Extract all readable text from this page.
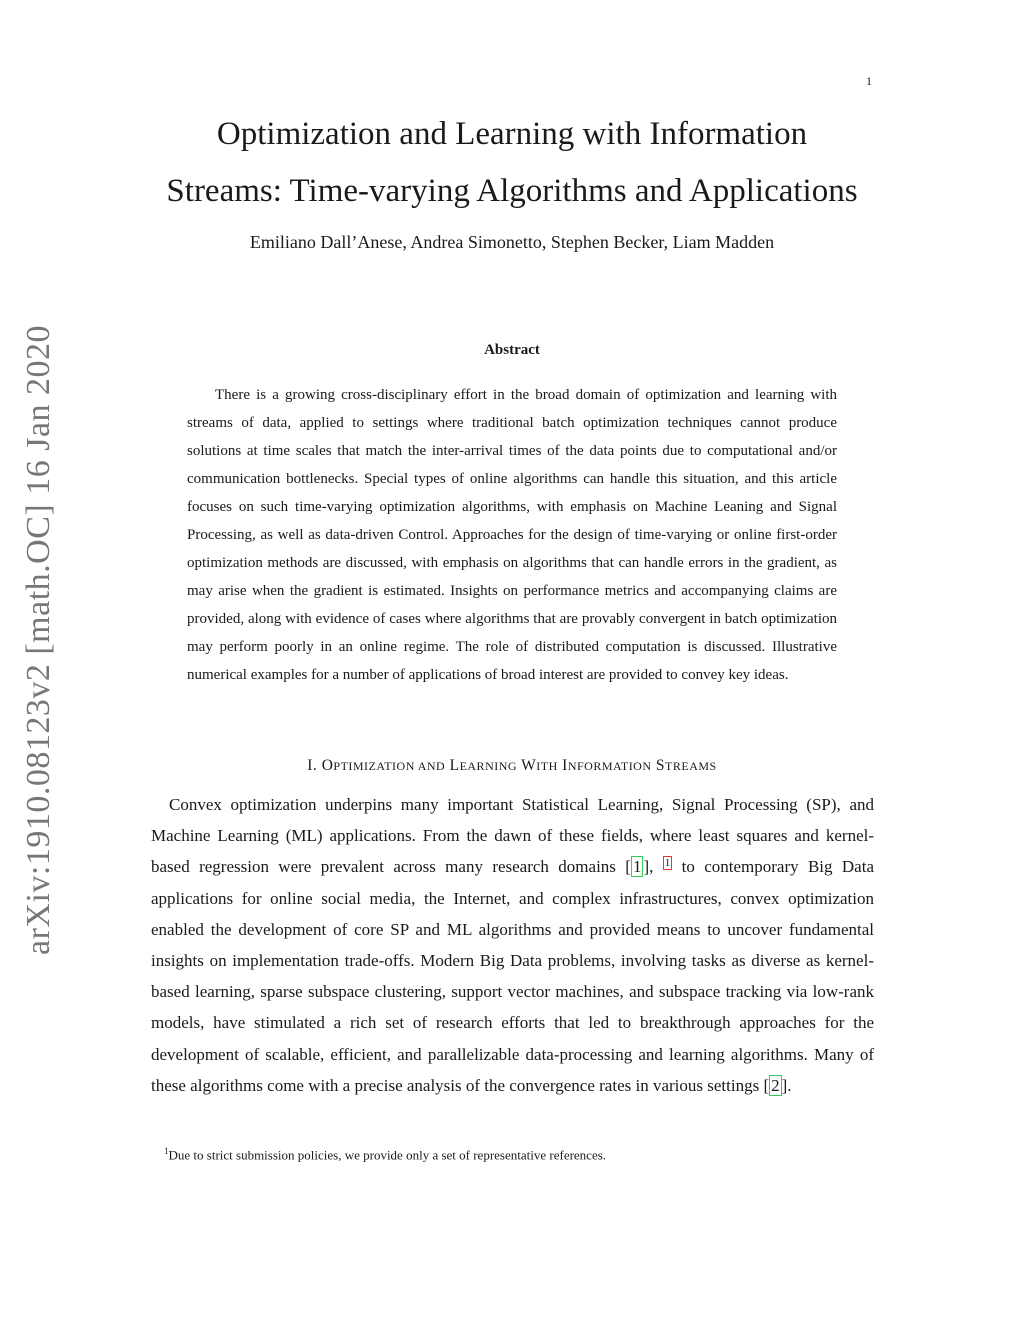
1
Optimization and Learning with Information
Streams: Time-varying Algorithms and Applications
Emiliano Dall’Anese, Andrea Simonetto, Stephen Becker, Liam Madden
arXiv:1910.08123v2 [math.OC] 16 Jan 2020	Abstract

There is a growing cross-disciplinary effort in the broad domain of optimization and learning with streams of data, applied to settings where traditional batch optimization techniques cannot produce solutions at time scales that match the inter-arrival times of the data points due to computational and/or communication bottlenecks. Special types of online algorithms can handle this situation, and this article focuses on such time-varying optimization algorithms, with emphasis on Machine Leaning and Signal Processing, as well as data-driven Control. Approaches for the design of time-varying or online first-order optimization methods are discussed, with emphasis on algorithms that can handle errors in the gradient, as may arise when the gradient is estimated. Insights on performance metrics and accompanying claims are provided, along with evidence of cases where algorithms that are provably convergent in batch optimization may perform poorly in an online regime. The role of distributed computation is discussed. Illustrative numerical examples for a number of applications of broad interest are provided to convey key ideas.

I. OPTIMIZATION AND LEARNING WITH INFORMATION STREAMS

Convex optimization underpins many important Statistical Learning, Signal Processing (SP), and Machine Learning (ML) applications. From the dawn of these fields, where least squares and kernel-based regression were prevalent across many research domains [ 1 ], $^1$ to contemporary Big Data applications for online social media, the Internet, and complex infrastructures, convex optimization enabled the development of core SP and ML algorithms and provided means to uncover fundamental insights on implementation trade-offs. Modern Big Data problems, involving tasks as diverse as kernel-based learning, sparse subspace clustering, support vector machines, and subspace tracking via low-rank models, have stimulated a rich set of research efforts that led to breakthrough approaches for the development of scalable, efficient, and parallelizable data-processing and learning algorithms. Many of these algorithms come with a precise analysis of the convergence rates in various settings [ 2 ].

$^1$Due to strict submission policies, we provide only a set of representative references.
